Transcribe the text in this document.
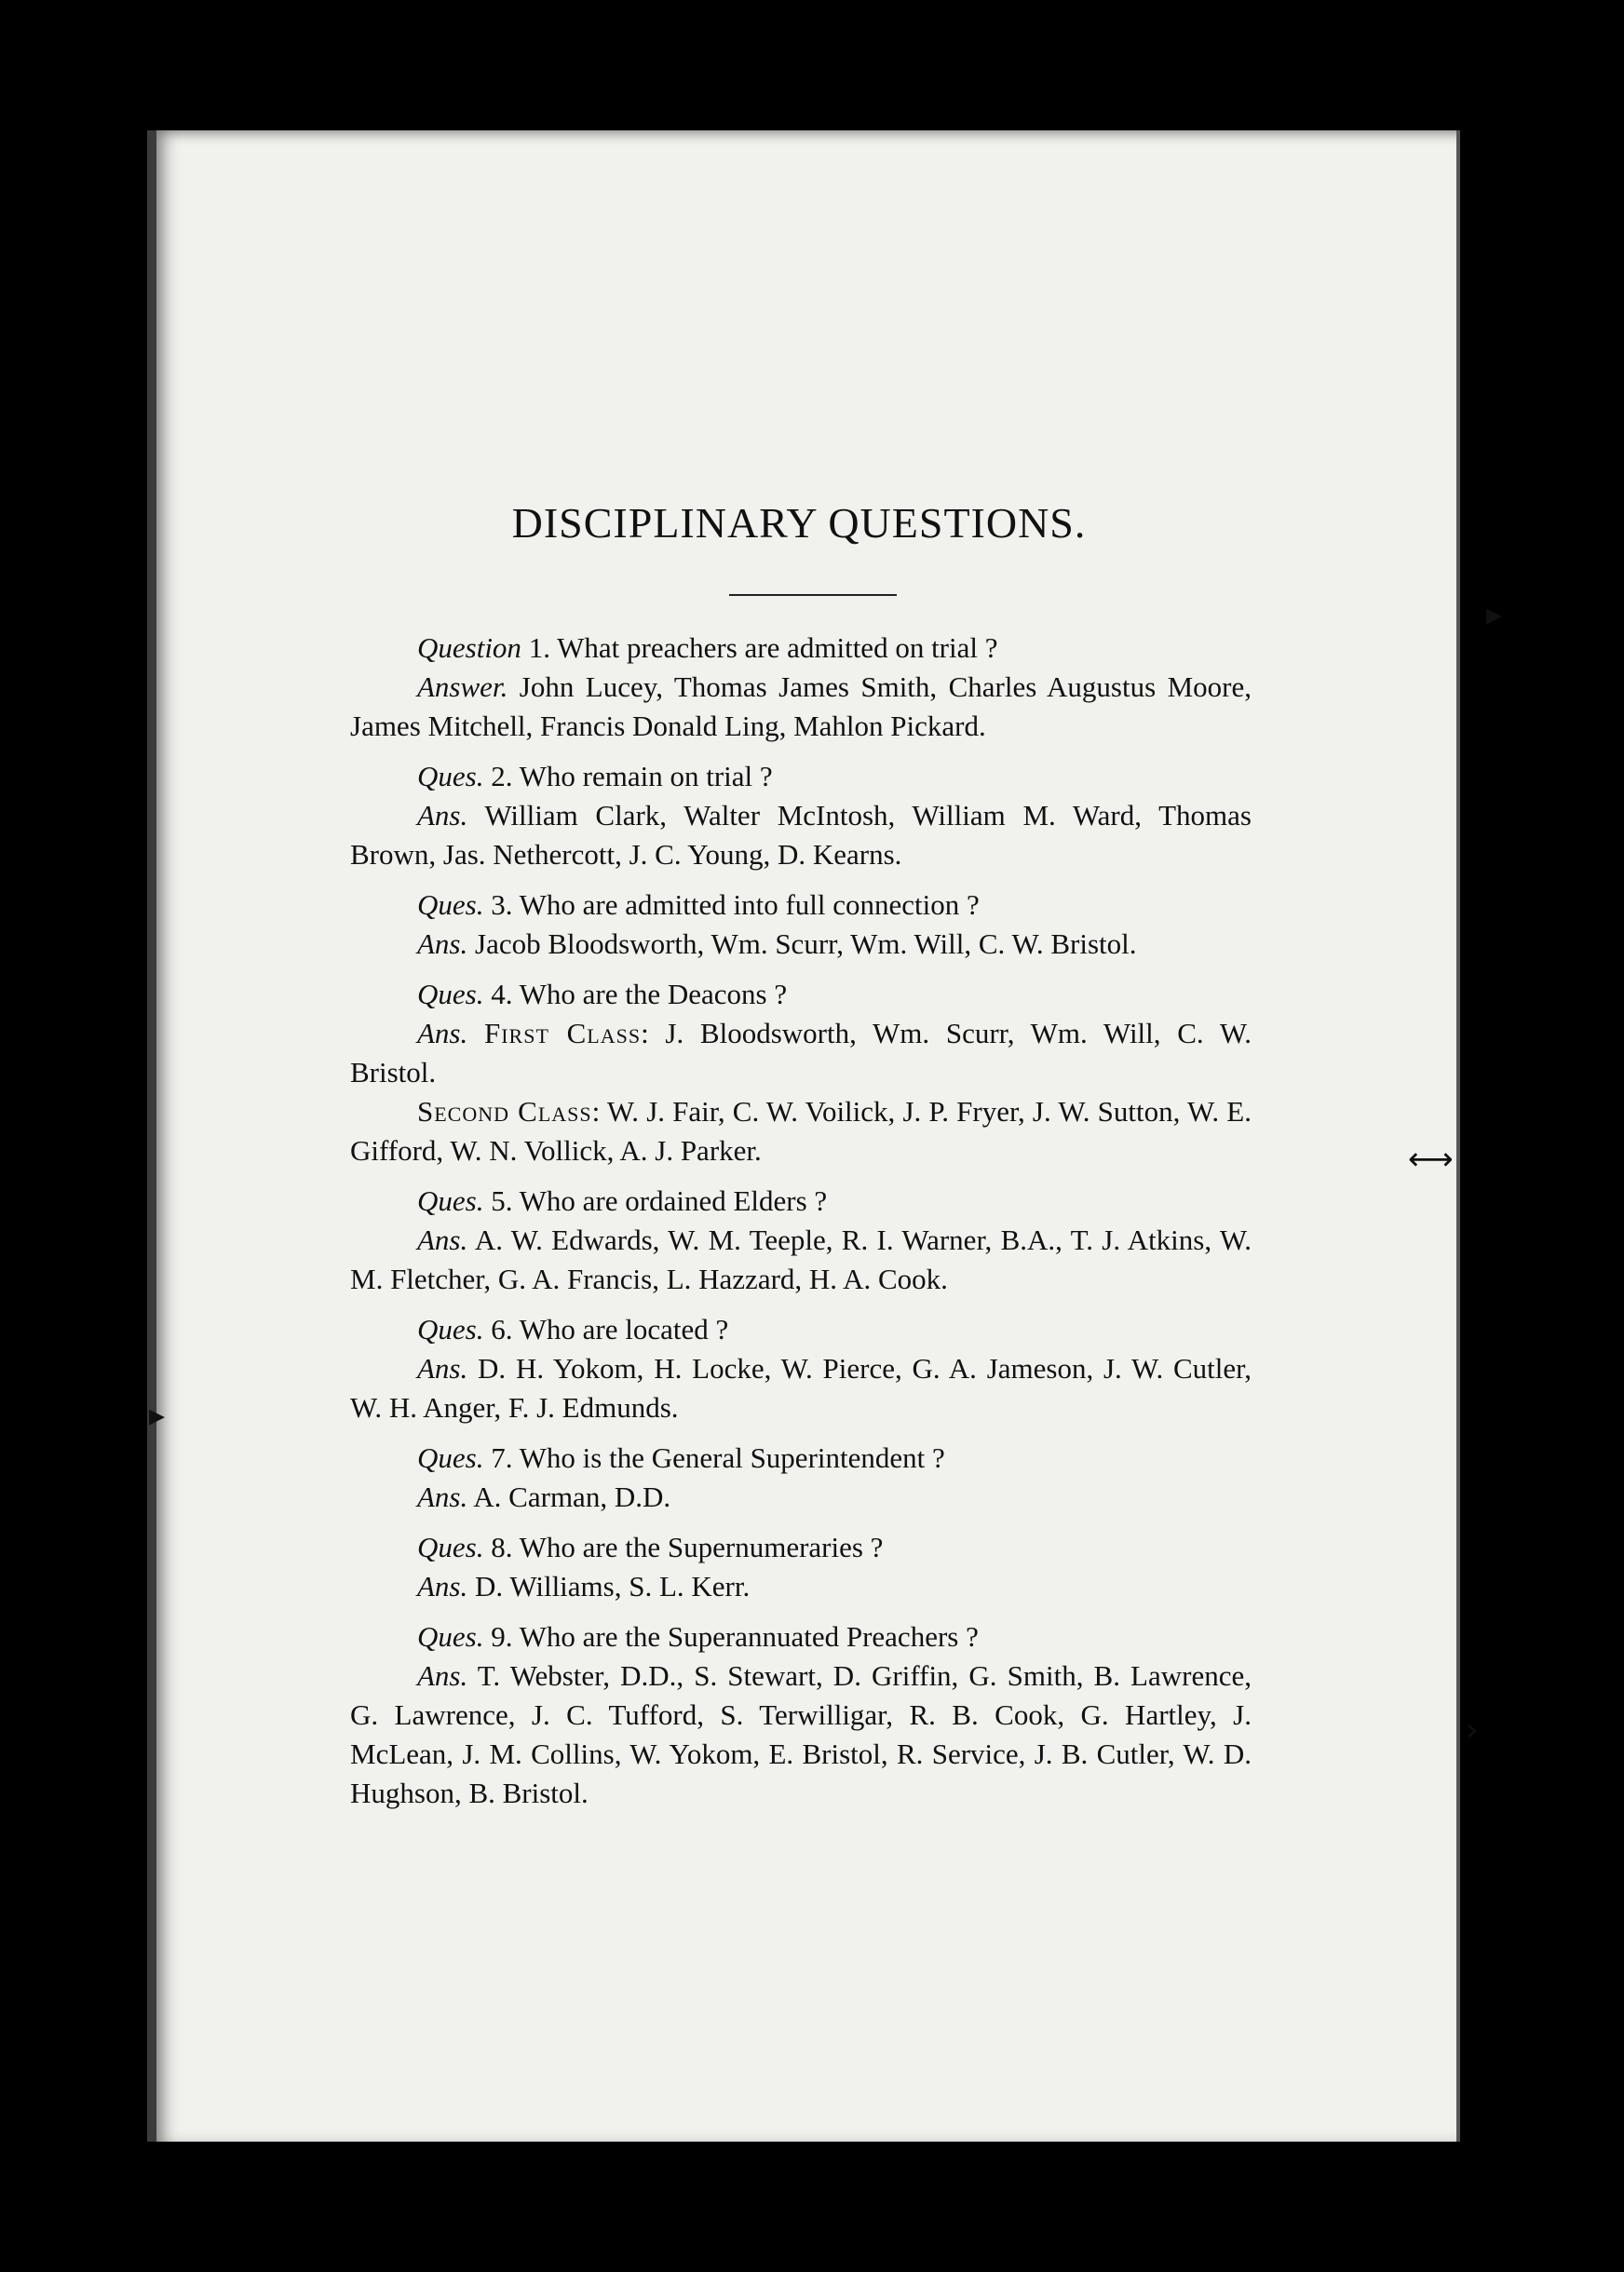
DISCIPLINARY QUESTIONS.
Question 1. What preachers are admitted on trial ?
Answer. John Lucey, Thomas James Smith, Charles Augustus Moore, James Mitchell, Francis Donald Ling, Mahlon Pickard.
Ques. 2. Who remain on trial ?
Ans. William Clark, Walter McIntosh, William M. Ward, Thomas Brown, Jas. Nethercott, J. C. Young, D. Kearns.
Ques. 3. Who are admitted into full connection ?
Ans. Jacob Bloodsworth, Wm. Scurr, Wm. Will, C. W. Bristol.
Ques. 4. Who are the Deacons ?
Ans. First Class: J. Bloodsworth, Wm. Scurr, Wm. Will, C. W. Bristol.
Second Class: W. J. Fair, C. W. Voilick, J. P. Fryer, J. W. Sutton, W. E. Gifford, W. N. Vollick, A. J. Parker.
Ques. 5. Who are ordained Elders ?
Ans. A. W. Edwards, W. M. Teeple, R. I. Warner, B.A., T. J. Atkins, W. M. Fletcher, G. A. Francis, L. Hazzard, H. A. Cook.
Ques. 6. Who are located ?
Ans. D. H. Yokom, H. Locke, W. Pierce, G. A. Jameson, J. W. Cutler, W. H. Anger, F. J. Edmunds.
Ques. 7. Who is the General Superintendent ?
Ans. A. Carman, D.D.
Ques. 8. Who are the Supernumeraries ?
Ans. D. Williams, S. L. Kerr.
Ques. 9. Who are the Superannuated Preachers ?
Ans. T. Webster, D.D., S. Stewart, D. Griffin, G. Smith, B. Lawrence, G. Lawrence, J. C. Tufford, S. Terwilligar, R. B. Cook, G. Hartley, J. McLean, J. M. Collins, W. Yokom, E. Bristol, R. Service, J. B. Cutler, W. D. Hughson, B. Bristol.
▸
⟷
›
▸
